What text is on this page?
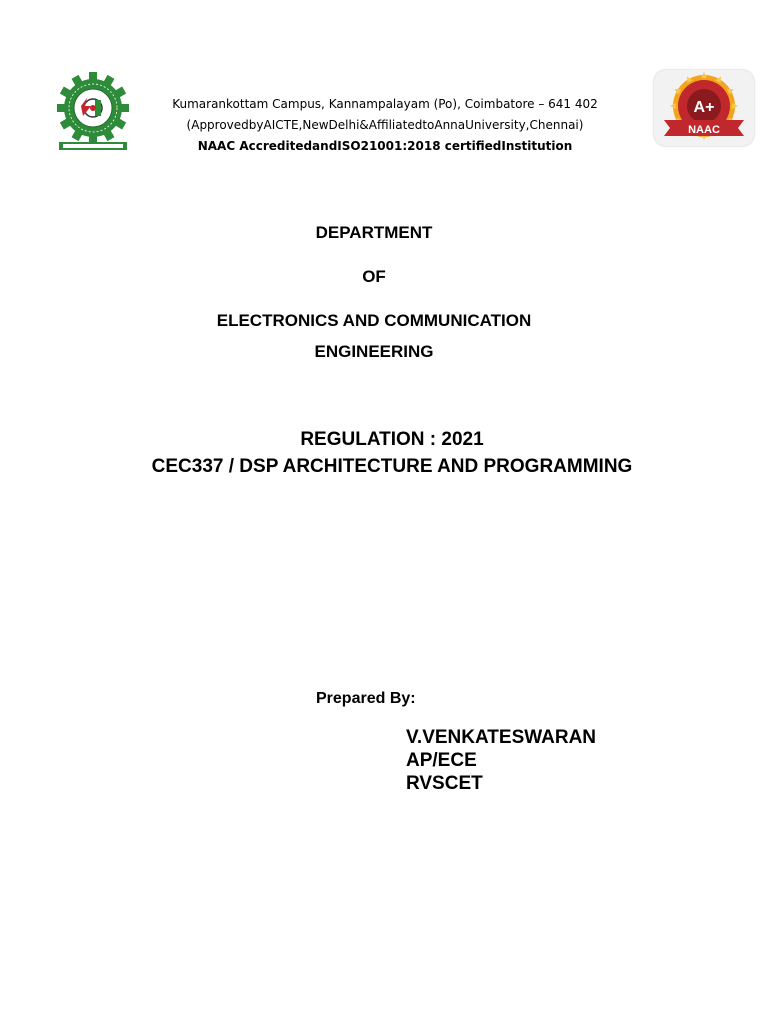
Kumarankottam Campus, Kannampalayam (Po), Coimbatore – 641 402
(ApprovedbyAICTE,NewDelhi&AffiliatedtoAnnaUniversity,Chennai)
NAAC AccreditedandISO21001:2018 certifiedInstitution
A+
NAAC
DEPARTMENT
OF
ELECTRONICS AND COMMUNICATION
ENGINEERING
REGULATION : 2021
CEC337 / DSP ARCHITECTURE AND PROGRAMMING
Prepared By:
V.VENKATESWARAN
AP/ECE
RVSCET
